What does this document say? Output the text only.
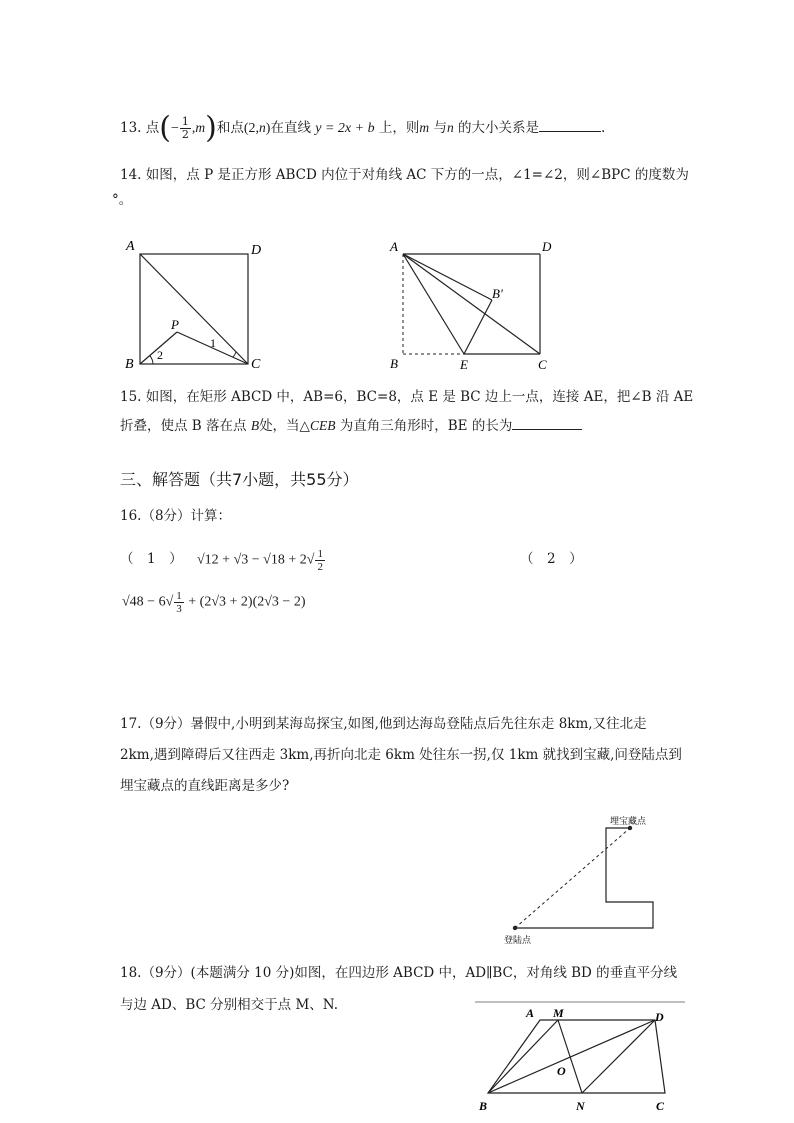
13. 点(− $\frac{1}{2} ,m$)和点(2,n)在直线 y = 2x + b 上，则m 与n 的大小关系是	.
14. 如图，点 P 是正方形 ABCD 内位于对角线 AC 下方的一点，∠1=∠2，则∠BPC 的度数为
°。
A	D
B	C
P
1
2
A	D
B	E	C
B′
15. 如图，在矩形 ABCD 中，AB=6，BC=8，点 E 是 BC 边上一点，连接 AE，把∠B 沿 AE
折叠，使点 B 落在点 B处，当△CEB 为直角三角形时，BE 的长为
三、解答题（共7小题，共55分）
16.（8分）计算：
（　1　） $√12 + √3 - √18 + 2√ \frac{1}{2}$	（　2　）
$√48 - 6√ \frac{1}{3} + (2√3 + 2)(2√3 - 2)$
17.（9分）暑假中,小明到某海岛探宝,如图,他到达海岛登陆点后先往东走 8km,又往北走
2km,遇到障碍后又往西走 3km,再折向北走 6km 处往东一拐,仅 1km 就找到宝藏,问登陆点到
埋宝藏点的直线距离是多少?
埋宝藏点
登陆点
18.（9分）(本题满分 10 分)如图，在四边形 ABCD 中，AD∥BC，对角线 BD 的垂直平分线
与边 AD、BC 分别相交于点 M、N.	A M	D
O
B	N	C
